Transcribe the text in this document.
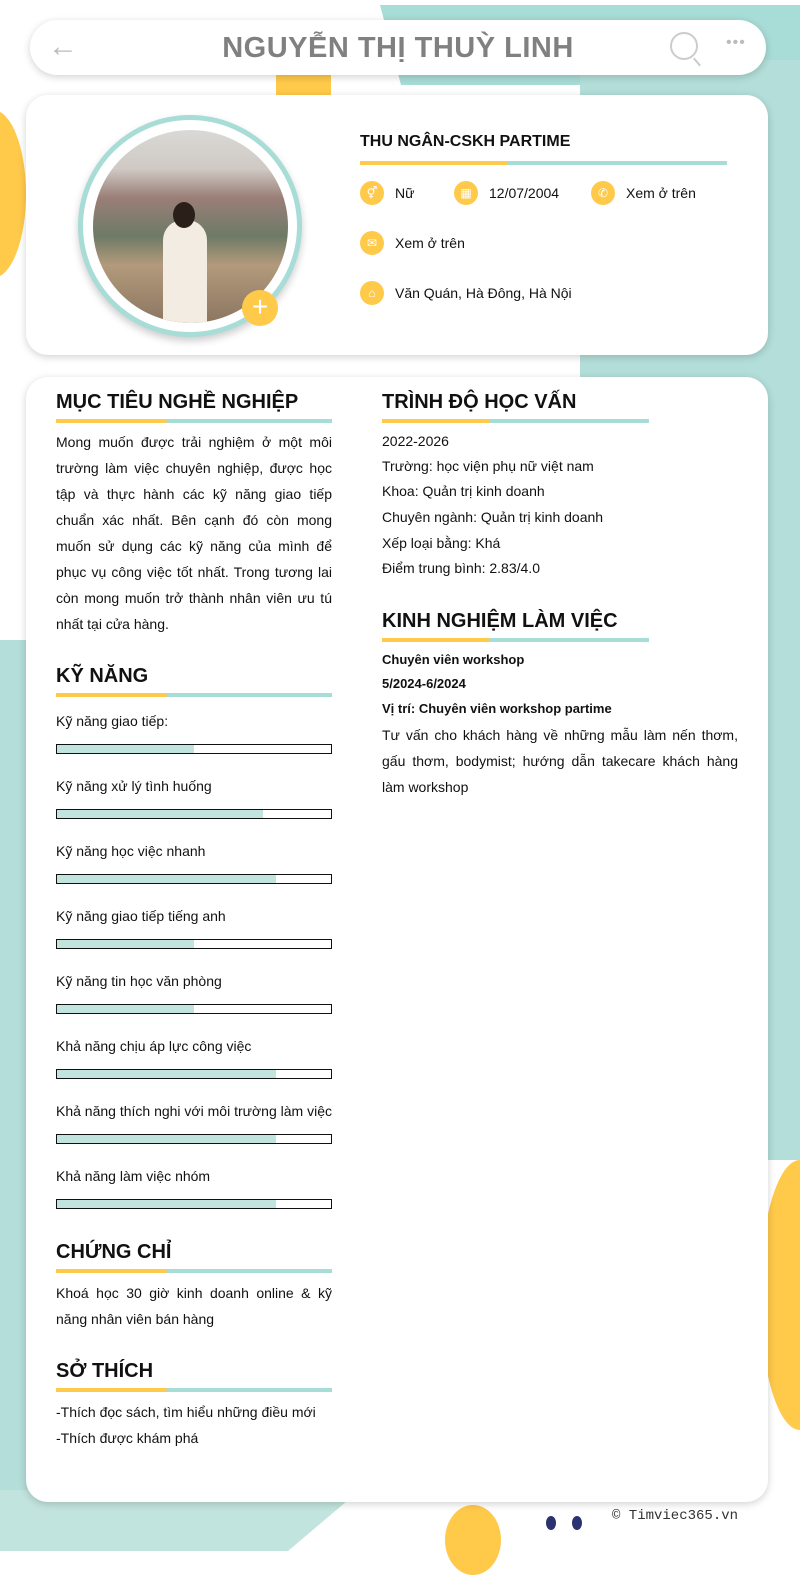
←	NGUYỄN THỊ THUỲ LINH	•••
+
THU NGÂN-CSKH PARTIME
⚥	Nữ	▦	12/07/2004	✆	Xem ở trên
✉	Xem ở trên
⌂	Văn Quán, Hà Đông, Hà Nội
MỤC TIÊU NGHỀ NGHIỆP
Mong muốn được trải nghiệm ở một môi trường làm việc chuyên nghiệp, được học tập và thực hành các kỹ năng giao tiếp chuẩn xác nhất. Bên cạnh đó còn mong muốn sử dụng các kỹ năng của mình để phục vụ công việc tốt nhất. Trong tương lai còn mong muốn trở thành nhân viên ưu tú nhất tại cửa hàng.
KỸ NĂNG
Kỹ năng giao tiếp:
Kỹ năng xử lý tình huống
Kỹ năng học việc nhanh
Kỹ năng giao tiếp tiếng anh
Kỹ năng tin học văn phòng
Khả năng chịu áp lực công việc
Khả năng thích nghi với môi trường làm việc
Khả năng làm việc nhóm
CHỨNG CHỈ
Khoá học 30 giờ kinh doanh online & kỹ năng nhân viên bán hàng
SỞ THÍCH
-Thích đọc sách, tìm hiểu những điều mới
-Thích được khám phá
TRÌNH ĐỘ HỌC VẤN
2022-2026
Trường: học viện phụ nữ việt nam
Khoa: Quản trị kinh doanh
Chuyên ngành: Quản trị kinh doanh
Xếp loại bằng: Khá
Điểm trung bình: 2.83/4.0
KINH NGHIỆM LÀM VIỆC
Chuyên viên workshop
5/2024-6/2024
Vị trí: Chuyên viên workshop partime
Tư vấn cho khách hàng về những mẫu làm nến thơm, gấu thơm, bodymist; hướng dẫn takecare khách hàng làm workshop
© Timviec365.vn
